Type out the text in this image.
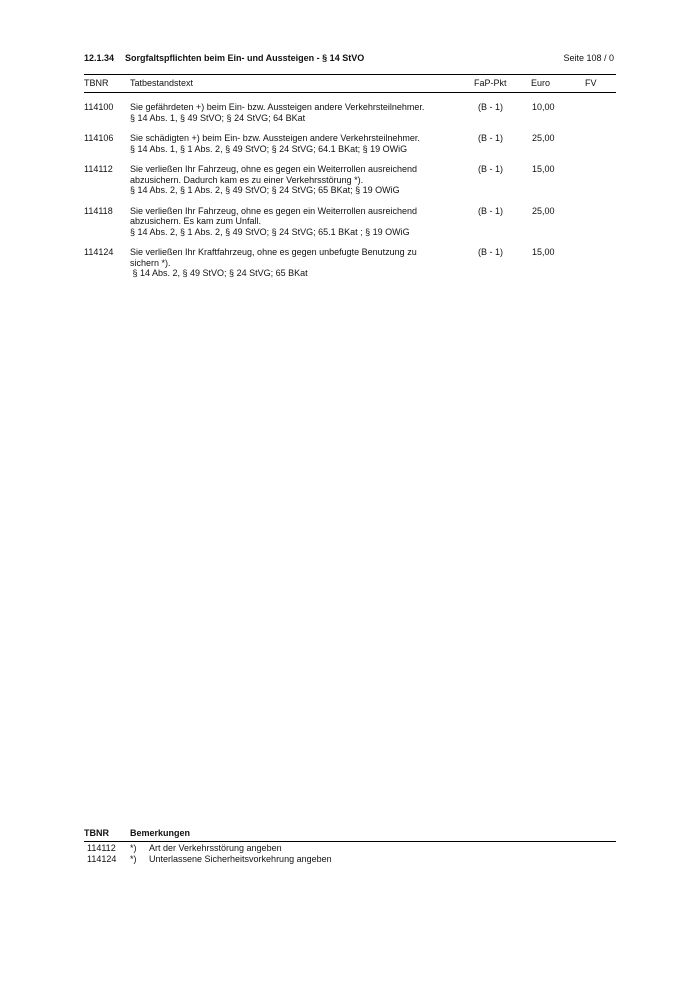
12.1.34 Sorgfaltspflichten beim Ein- und Aussteigen - § 14 StVO	Seite 108 / 0
TBNR Tatbestandstext	FaP-Pkt	Euro	FV
114100 Sie gefährdeten +) beim Ein- bzw. Aussteigen andere Verkehrsteilnehmer.
§ 14 Abs. 1, § 49 StVO; § 24 StVG; 64 BKat
(B - 1)	10,00
114106 Sie schädigten +) beim Ein- bzw. Aussteigen andere Verkehrsteilnehmer.
§ 14 Abs. 1, § 1 Abs. 2, § 49 StVO; § 24 StVG; 64.1 BKat; § 19 OWiG
(B - 1)	25,00
114112 Sie verließen Ihr Fahrzeug, ohne es gegen ein Weiterrollen ausreichend
abzusichern. Dadurch kam es zu einer Verkehrsstörung *).
§ 14 Abs. 2, § 1 Abs. 2, § 49 StVO; § 24 StVG; 65 BKat; § 19 OWiG
(B - 1)	15,00
114118 Sie verließen Ihr Fahrzeug, ohne es gegen ein Weiterrollen ausreichend
abzusichern. Es kam zum Unfall.
§ 14 Abs. 2, § 1 Abs. 2, § 49 StVO; § 24 StVG; 65.1 BKat ; § 19 OWiG
(B - 1)	25,00
114124 Sie verließen Ihr Kraftfahrzeug, ohne es gegen unbefugte Benutzung zu
sichern *).
§ 14 Abs. 2, § 49 StVO; § 24 StVG; 65 BKat
(B - 1)	15,00
TBNR Bemerkungen
114112 *) Art der Verkehrsstörung angeben
114124 *) Unterlassene Sicherheitsvorkehrung angeben
